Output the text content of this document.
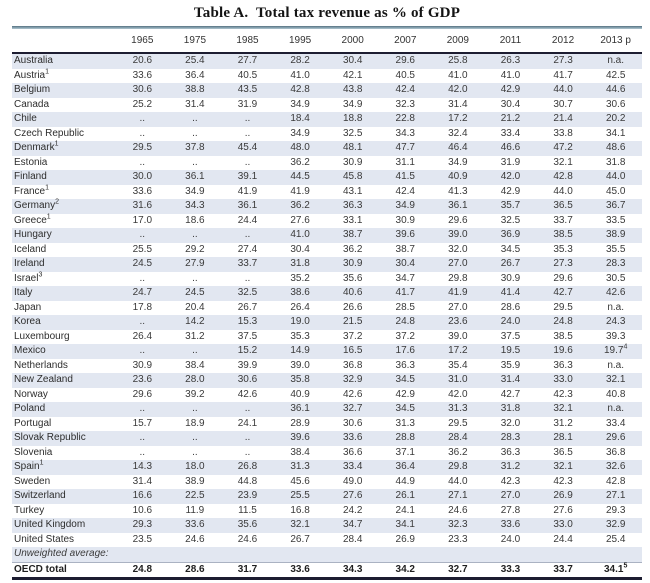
Table A.  Total tax revenue as % of GDP
	1965	1975	1985	1995	2000	2007	2009	2011	2012	2013 p
Australia	20.6	25.4	27.7	28.2	30.4	29.6	25.8	26.3	27.3	n.a.
Austria$^1$	33.6	36.4	40.5	41.0	42.1	40.5	41.0	41.0	41.7	42.5
Belgium	30.6	38.8	43.5	42.8	43.8	42.4	42.0	42.9	44.0	44.6
Canada	25.2	31.4	31.9	34.9	34.9	32.3	31.4	30.4	30.7	30.6
Chile	..	..	..	18.4	18.8	22.8	17.2	21.2	21.4	20.2
Czech Republic	..	..	..	34.9	32.5	34.3	32.4	33.4	33.8	34.1
Denmark$^1$	29.5	37.8	45.4	48.0	48.1	47.7	46.4	46.6	47.2	48.6
Estonia	..	..	..	36.2	30.9	31.1	34.9	31.9	32.1	31.8
Finland	30.0	36.1	39.1	44.5	45.8	41.5	40.9	42.0	42.8	44.0
France$^1$	33.6	34.9	41.9	41.9	43.1	42.4	41.3	42.9	44.0	45.0
Germany$^2$	31.6	34.3	36.1	36.2	36.3	34.9	36.1	35.7	36.5	36.7
Greece$^1$	17.0	18.6	24.4	27.6	33.1	30.9	29.6	32.5	33.7	33.5
Hungary	..	..	..	41.0	38.7	39.6	39.0	36.9	38.5	38.9
Iceland	25.5	29.2	27.4	30.4	36.2	38.7	32.0	34.5	35.3	35.5
Ireland	24.5	27.9	33.7	31.8	30.9	30.4	27.0	26.7	27.3	28.3
Israel$^3$	..	..	..	35.2	35.6	34.7	29.8	30.9	29.6	30.5
Italy	24.7	24.5	32.5	38.6	40.6	41.7	41.9	41.4	42.7	42.6
Japan	17.8	20.4	26.7	26.4	26.6	28.5	27.0	28.6	29.5	n.a.
Korea	..	14.2	15.3	19.0	21.5	24.8	23.6	24.0	24.8	24.3
Luxembourg	26.4	31.2	37.5	35.3	37.2	37.2	39.0	37.5	38.5	39.3
Mexico	..	..	15.2	14.9	16.5	17.6	17.2	19.5	19.6	19.7$^4$
Netherlands	30.9	38.4	39.9	39.0	36.8	36.3	35.4	35.9	36.3	n.a.
New Zealand	23.6	28.0	30.6	35.8	32.9	34.5	31.0	31.4	33.0	32.1
Norway	29.6	39.2	42.6	40.9	42.6	42.9	42.0	42.7	42.3	40.8
Poland	..	..	..	36.1	32.7	34.5	31.3	31.8	32.1	n.a.
Portugal	15.7	18.9	24.1	28.9	30.6	31.3	29.5	32.0	31.2	33.4
Slovak Republic	..	..	..	39.6	33.6	28.8	28.4	28.3	28.1	29.6
Slovenia	..	..	..	38.4	36.6	37.1	36.2	36.3	36.5	36.8
Spain$^1$	14.3	18.0	26.8	31.3	33.4	36.4	29.8	31.2	32.1	32.6
Sweden	31.4	38.9	44.8	45.6	49.0	44.9	44.0	42.3	42.3	42.8
Switzerland	16.6	22.5	23.9	25.5	27.6	26.1	27.1	27.0	26.9	27.1
Turkey	10.6	11.9	11.5	16.8	24.2	24.1	24.6	27.8	27.6	29.3
United Kingdom	29.3	33.6	35.6	32.1	34.7	34.1	32.3	33.6	33.0	32.9
United States	23.5	24.6	24.6	26.7	28.4	26.9	23.3	24.0	24.4	25.4
Unweighted average:										
OECD total	24.8	28.6	31.7	33.6	34.3	34.2	32.7	33.3	33.7	34.1$^5$
